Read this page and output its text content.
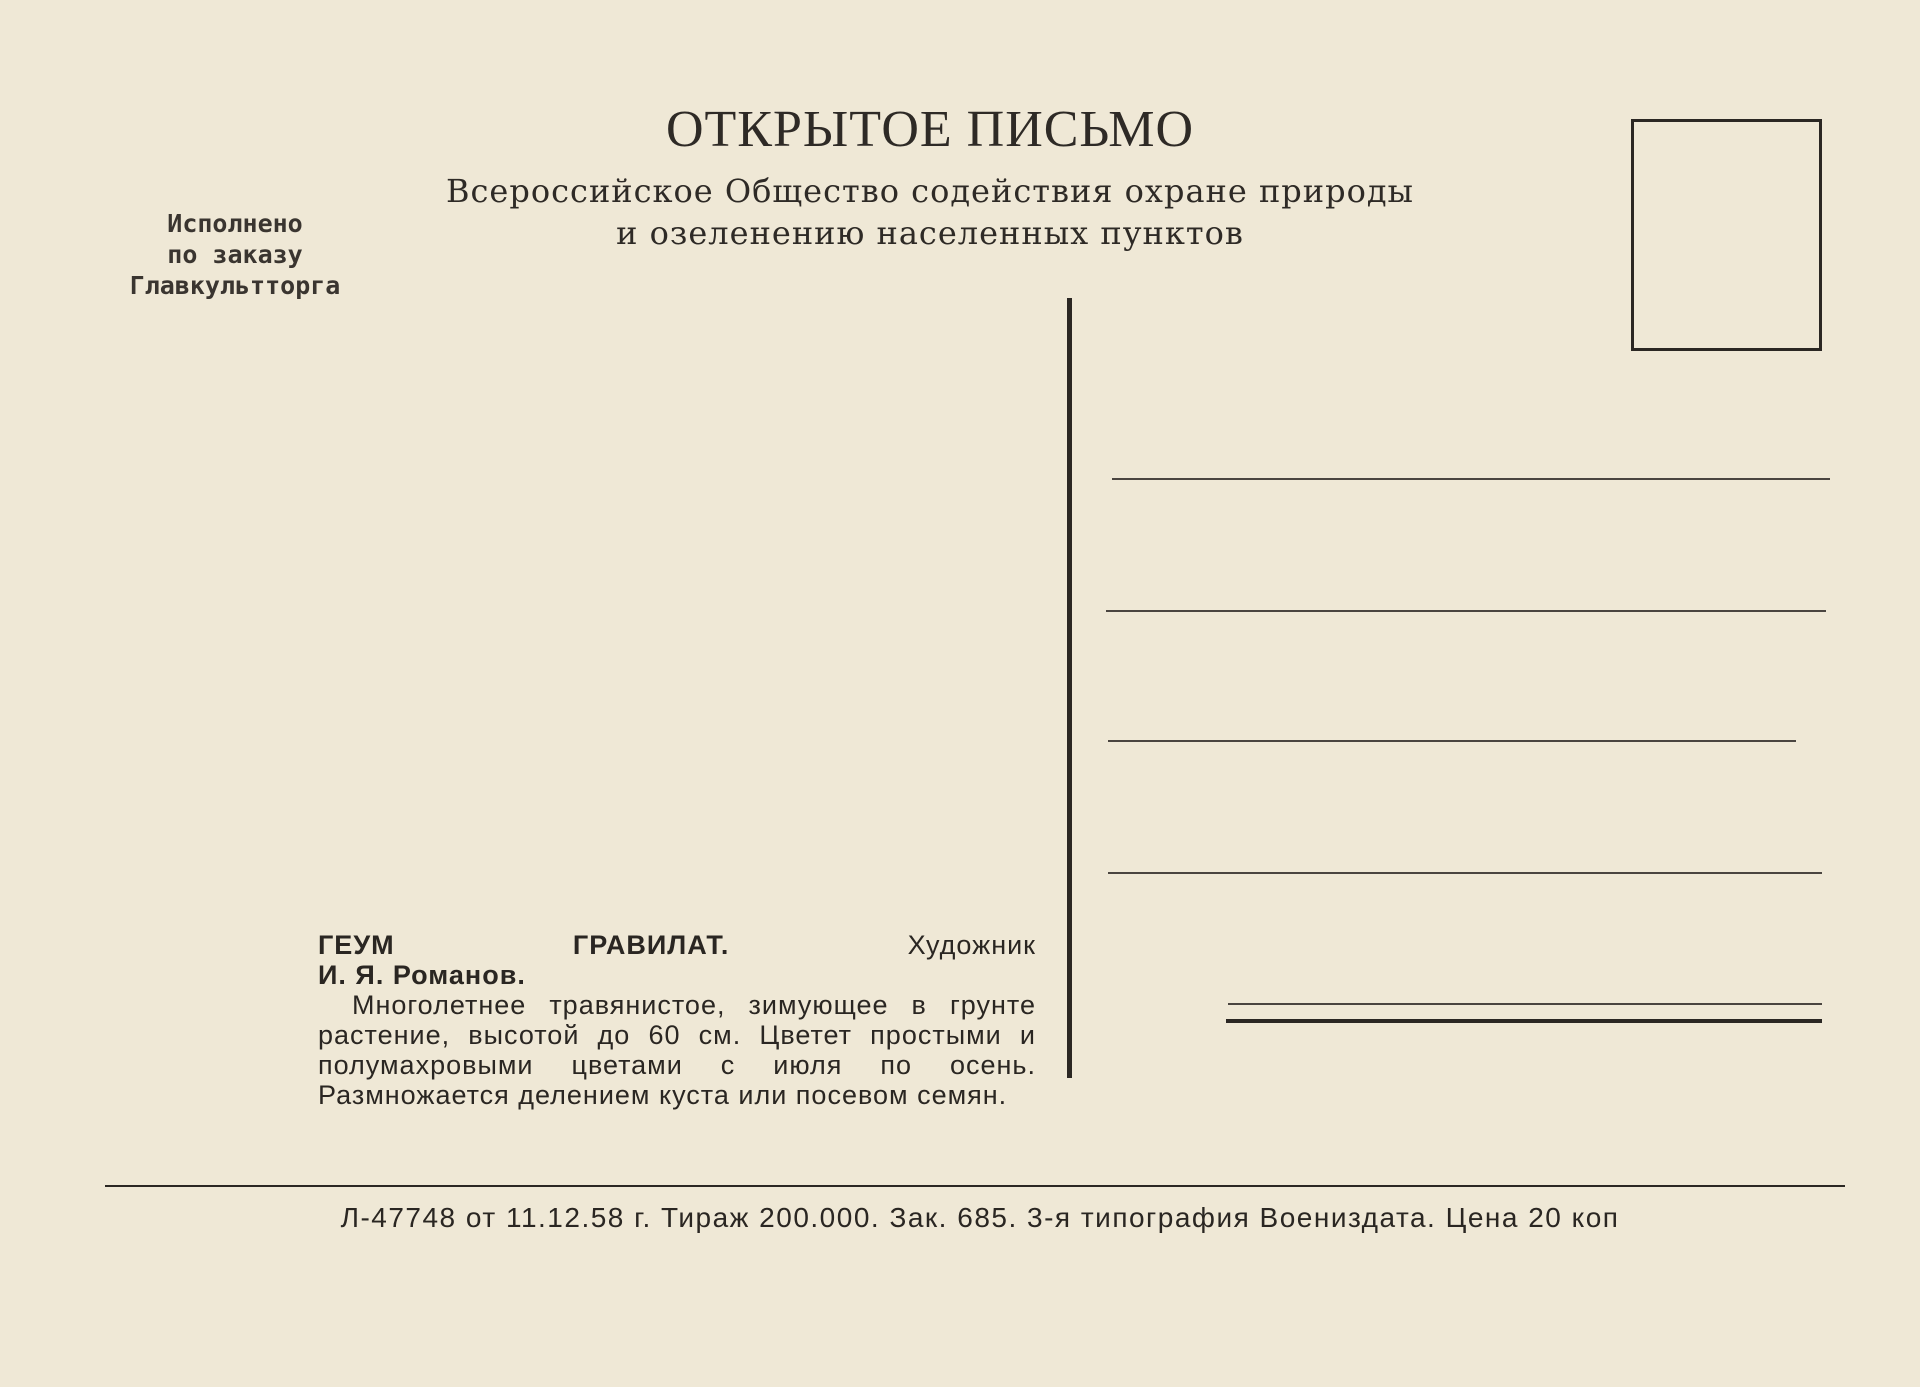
ОТКРЫТОЕ ПИСЬМО
Всероссийское Общество содействия охране природы
и озеленению населенных пунктов
Исполнено
по заказу
Главкультторга
ГЕУМ	ГРАВИЛАТ.	Художник
И. Я. Романов.
Многолетнее травянистое, зимующее в грунте растение, высотой до 60 см. Цветет простыми и полумахровыми цветами с июля по осень. Размножается делением куста или посевом семян.
Л-47748 от 11.12.58 г. Тираж 200.000. Зак. 685. 3-я типография Воениздата. Цена 20 коп
